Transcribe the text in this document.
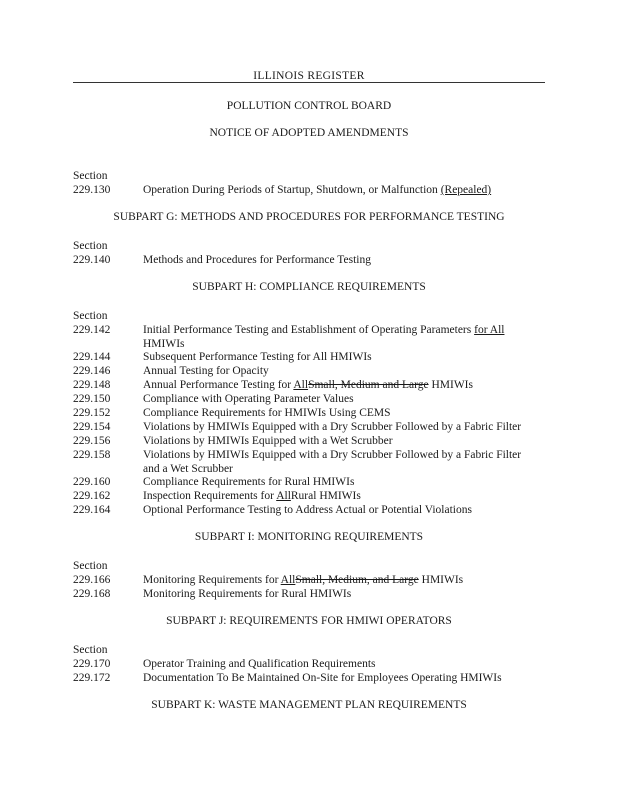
ILLINOIS REGISTER
POLLUTION CONTROL BOARD
NOTICE OF ADOPTED AMENDMENTS
Section
229.130	Operation During Periods of Startup, Shutdown, or Malfunction (Repealed)
SUBPART G: METHODS AND PROCEDURES FOR PERFORMANCE TESTING
Section
229.140	Methods and Procedures for Performance Testing
SUBPART H: COMPLIANCE REQUIREMENTS
Section
229.142	Initial Performance Testing and Establishment of Operating Parameters for All
HMIWIs
229.144	Subsequent Performance Testing for All HMIWIs
229.146	Annual Testing for Opacity
229.148	Annual Performance Testing for AllSmall, Medium and Large HMIWIs
229.150	Compliance with Operating Parameter Values
229.152	Compliance Requirements for HMIWIs Using CEMS
229.154	Violations by HMIWIs Equipped with a Dry Scrubber Followed by a Fabric Filter
229.156	Violations by HMIWIs Equipped with a Wet Scrubber
229.158	Violations by HMIWIs Equipped with a Dry Scrubber Followed by a Fabric Filter
and a Wet Scrubber
229.160	Compliance Requirements for Rural HMIWIs
229.162	Inspection Requirements for AllRural HMIWIs
229.164	Optional Performance Testing to Address Actual or Potential Violations
SUBPART I: MONITORING REQUIREMENTS
Section
229.166	Monitoring Requirements for AllSmall, Medium, and Large HMIWIs
229.168	Monitoring Requirements for Rural HMIWIs
SUBPART J: REQUIREMENTS FOR HMIWI OPERATORS
Section
229.170	Operator Training and Qualification Requirements
229.172	Documentation To Be Maintained On-Site for Employees Operating HMIWIs
SUBPART K: WASTE MANAGEMENT PLAN REQUIREMENTS
